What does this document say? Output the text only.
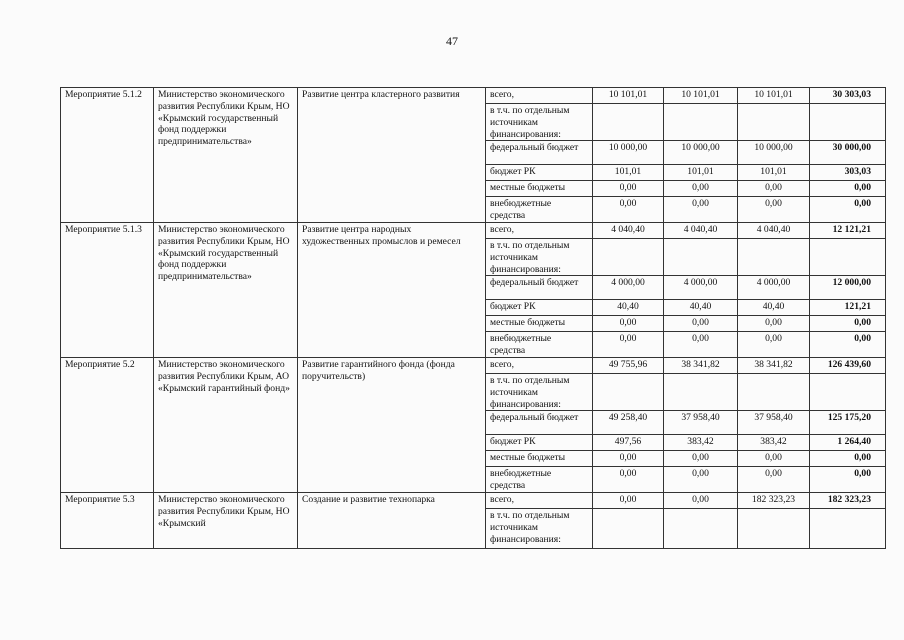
47
Мероприятие 5.1.2	Министерство экономического развития Республики Крым, НО «Крымский государственный фонд поддержки предпринимательства»	Развитие центра кластерного развития	всего,	10 101,01	10 101,01	10 101,01	30 303,03
			в т.ч. по отдельным источникам финансирования:				
			федеральный бюджет	10 000,00	10 000,00	10 000,00	30 000,00
			бюджет РК	101,01	101,01	101,01	303,03
			местные бюджеты	0,00	0,00	0,00	0,00
			внебюджетные средства	0,00	0,00	0,00	0,00
Мероприятие 5.1.3	Министерство экономического развития Республики Крым, НО «Крымский государственный фонд поддержки предпринимательства»	Развитие центра народных художественных промыслов и ремесел	всего,	4 040,40	4 040,40	4 040,40	12 121,21
			в т.ч. по отдельным источникам финансирования:				
			федеральный бюджет	4 000,00	4 000,00	4 000,00	12 000,00
			бюджет РК	40,40	40,40	40,40	121,21
			местные бюджеты	0,00	0,00	0,00	0,00
			внебюджетные средства	0,00	0,00	0,00	0,00
Мероприятие 5.2	Министерство экономического развития Республики Крым, АО «Крымский гарантийный фонд»	Развитие гарантийного фонда (фонда поручительств)	всего,	49 755,96	38 341,82	38 341,82	126 439,60
			в т.ч. по отдельным источникам финансирования:				
			федеральный бюджет	49 258,40	37 958,40	37 958,40	125 175,20
			бюджет РК	497,56	383,42	383,42	1 264,40
			местные бюджеты	0,00	0,00	0,00	0,00
			внебюджетные средства	0,00	0,00	0,00	0,00
Мероприятие 5.3	Министерство экономического развития Республики Крым, НО «Крымский	Создание и развитие технопарка	всего,	0,00	0,00	182 323,23	182 323,23
			в т.ч. по отдельным источникам финансирования:				
